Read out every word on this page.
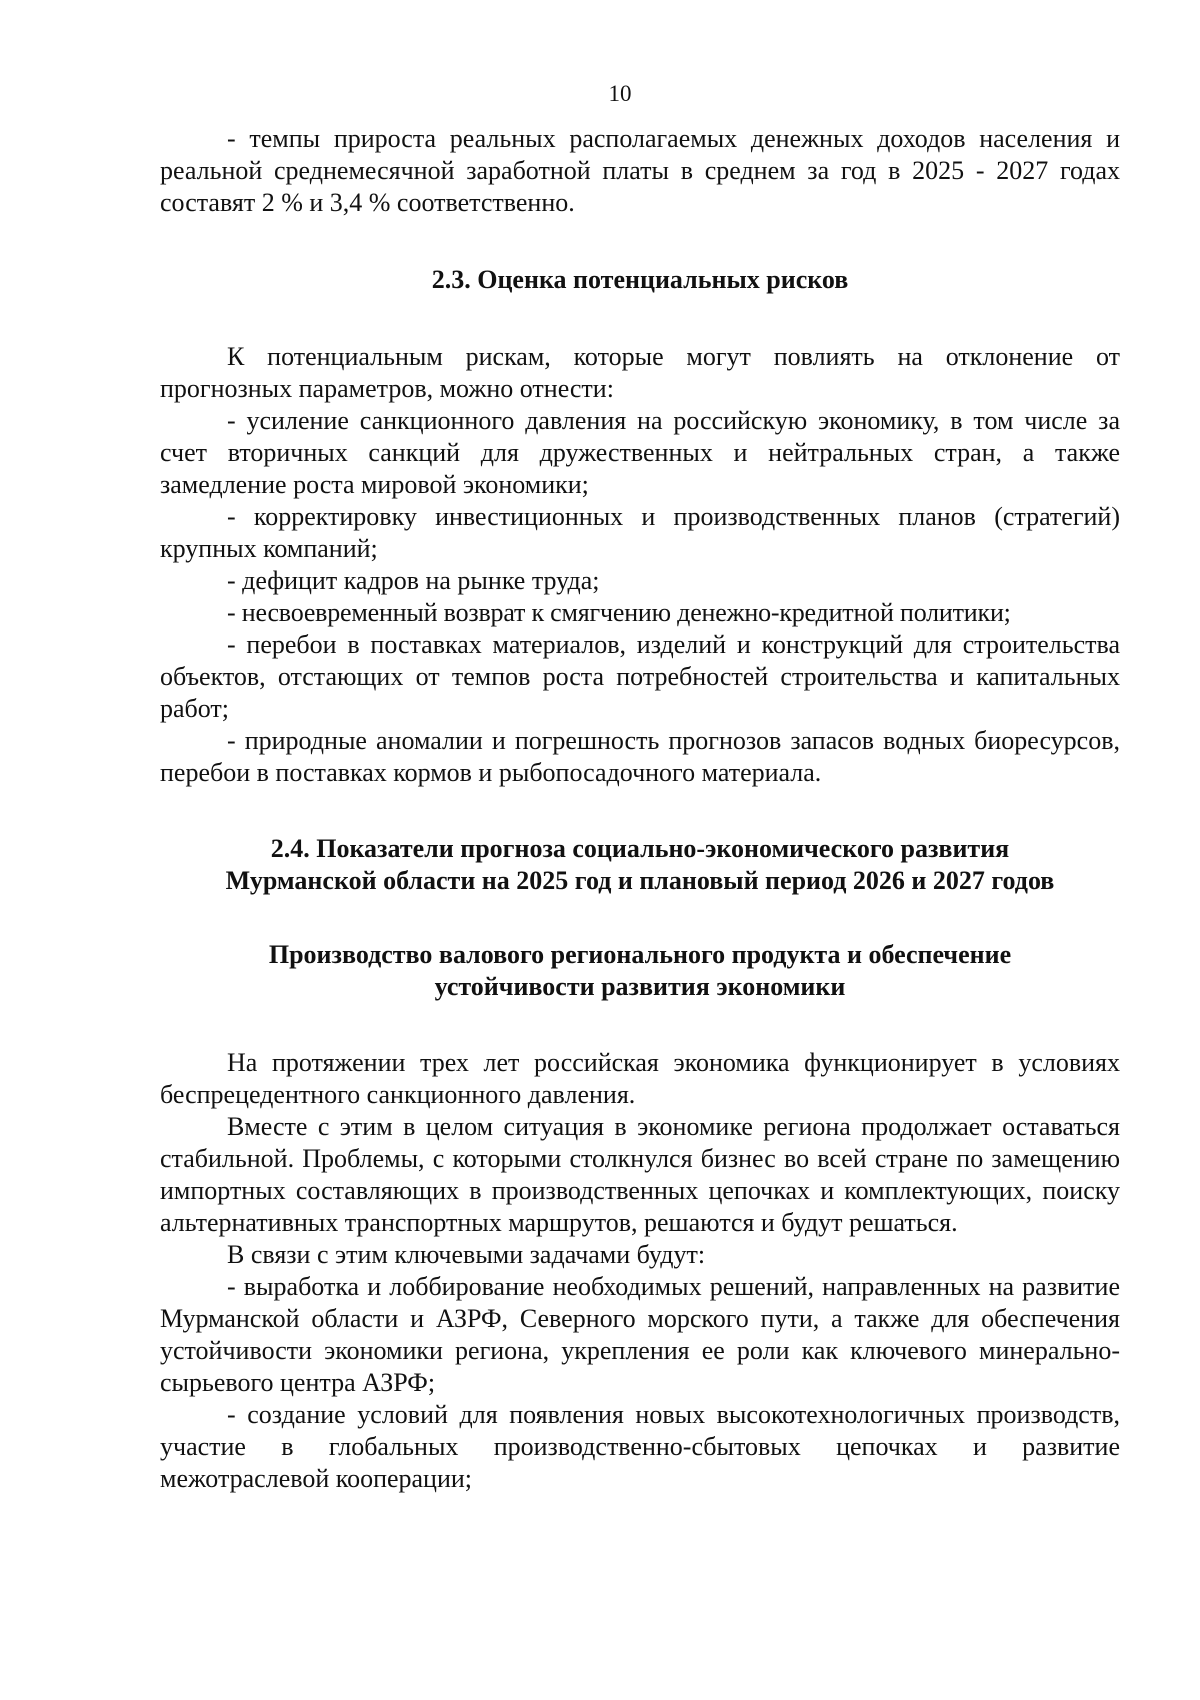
10

- темпы прироста реальных располагаемых денежных доходов населения и реальной среднемесячной заработной платы в среднем за год в 2025 - 2027 годах составят 2 % и 3,4 % соответственно.

2.3. Оценка потенциальных рисков

К потенциальным рискам, которые могут повлиять на отклонение от прогнозных параметров, можно отнести:

- усиление санкционного давления на российскую экономику, в том числе за счет вторичных санкций для дружественных и нейтральных стран, а также замедление роста мировой экономики;

- корректировку инвестиционных и производственных планов (стратегий) крупных компаний;

- дефицит кадров на рынке труда;

- несвоевременный возврат к смягчению денежно-кредитной политики;

- перебои в поставках материалов, изделий и конструкций для строительства объектов, отстающих от темпов роста потребностей строительства и капитальных работ;

- природные аномалии и погрешность прогнозов запасов водных биоресурсов, перебои в поставках кормов и рыбопосадочного материала.

2.4. Показатели прогноза социально-экономического развития
Мурманской области на 2025 год и плановый период 2026 и 2027 годов
Производство валового регионального продукта и обеспечение
устойчивости развития экономики

На протяжении трех лет российская экономика функционирует в условиях беспрецедентного санкционного давления.

Вместе с этим в целом ситуация в экономике региона продолжает оставаться стабильной. Проблемы, с которыми столкнулся бизнес во всей стране по замещению импортных составляющих в производственных цепочках и комплектующих, поиску альтернативных транспортных маршрутов, решаются и будут решаться.

В связи с этим ключевыми задачами будут:

- выработка и лоббирование необходимых решений, направленных на развитие Мурманской области и АЗРФ, Северного морского пути, а также для обеспечения устойчивости экономики региона, укрепления ее роли как ключевого минерально-сырьевого центра АЗРФ;

- создание условий для появления новых высокотехнологичных производств, участие в глобальных производственно-сбытовых цепочках и развитие межотраслевой кооперации;
